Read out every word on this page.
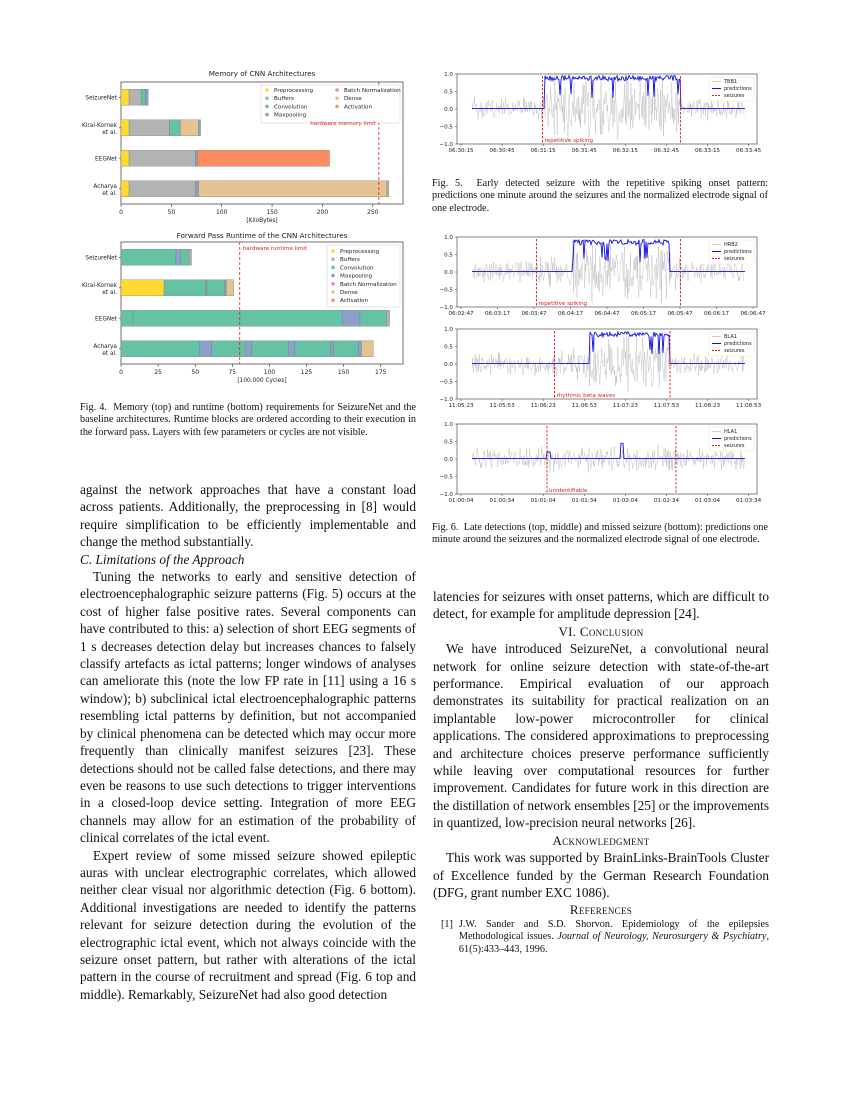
Memory of CNN Architectures
0	50	100	150	200	250
[KiloBytes]
SeizureNet
Kiral-Kornek
et al.
EEGNet
Acharya
et al.
Preprocessing
Buffers
Convolution
Maxpooling
Batch Normalization
Dense
Activation
hardware memory limit
Forward Pass Runtime of the CNN Architectures
0	25	50	75	100	125	150	175
[100.000 Cycles]
SeizureNet
Kiral-Kornek
et al.
EEGNet
Acharya
et al.
Preprocessing
Buffers
Convolution
Maxpooling
Batch Normalization
Dense
Activation
hardware runtime limit
Fig. 4. Memory (top) and runtime (bottom) requirements for SeizureNet and the baseline architectures. Runtime blocks are ordered according to their execution in the forward pass. Layers with few parameters or cycles are not visible.
1.0
0.5
0.0
−0.5
−1.0
06:30:15	06:30:45	06:31:15	06:31:45	06:32:15	06:32:45	06:33:15	06:33:45
repetitive spiking
TBB1
predictions
seizures
Fig. 5. Early detected seizure with the repetitive spiking onset pattern: predictions one minute around the seizures and the normalized electrode signal of one electrode.
1.0
0.5
0.0
−0.5
−1.0
06:02:47 06:03:17 06:03:47 06:04:17 06:04:47 06:05:17 06:05:47 06:06:17 06:06:47
repetitive spiking
HRB2
predictions
seizures
1.0
0.5
0.0
−0.5
−1.0
11:05:23	11:05:53	11:06:23	11:06:53	11:07:23	11:07:53	11:08:23	11:08:53
rhythmic beta waves
BLA1
predictions
seizures
1.0
0.5
0.0
−0.5
−1.0
01:00:04	01:00:34	01:01:04	01:01:34	01:02:04	01:02:34	01:03:04	01:03:34
unidentifiable
HLA1
predictions
seizures
Fig. 6. Late detections (top, middle) and missed seizure (bottom): predictions one minute around the seizures and the normalized electrode signal of one electrode.

against the network approaches that have a constant load across patients. Additionally, the preprocessing in [8] would require simplification to be efficiently implementable and change the method substantially.

C. Limitations of the Approach

Tuning the networks to early and sensitive detection of electroencephalographic seizure patterns (Fig. 5) occurs at the cost of higher false positive rates. Several components can have contributed to this: a) selection of short EEG segments of 1 s decreases detection delay but increases chances to falsely classify artefacts as ictal patterns; longer windows of analyses can ameliorate this (note the low FP rate in [11] using a 16 s window); b) subclinical ictal electroencephalographic patterns resembling ictal patterns by definition, but not accompanied by clinical phenomena can be detected which may occur more frequently than clinically manifest seizures [23]. These detections should not be called false detections, and there may even be reasons to use such detections to trigger interventions in a closed-loop device setting. Integration of more EEG channels may allow for an estimation of the probability of clinical correlates of the ictal event.

Expert review of some missed seizure showed epileptic auras with unclear electrographic correlates, which allowed neither clear visual nor algorithmic detection (Fig. 6 bottom). Additional investigations are needed to identify the patterns relevant for seizure detection during the evolution of the electrographic ictal event, which not always coincide with the seizure onset pattern, but rather with alterations of the ictal pattern in the course of recruitment and spread (Fig. 6 top and middle). Remarkably, SeizureNet had also good detection

latencies for seizures with onset patterns, which are difficult to detect, for example for amplitude depression [24].

VI. Conclusion

We have introduced SeizureNet, a convolutional neural network for online seizure detection with state-of-the-art performance. Empirical evaluation of our approach demonstrates its suitability for practical realization on an implantable low-power microcontroller for clinical applications. The considered approximations to preprocessing and architecture choices preserve performance sufficiently while leaving over computational resources for further improvement. Candidates for future work in this direction are the distillation of network ensembles [25] or the improvements in quantized, low-precision neural networks [26].

Acknowledgment

This work was supported by BrainLinks-BrainTools Cluster of Excellence funded by the German Research Foundation (DFG, grant number EXC 1086).

References

[1] J.W. Sander and S.D. Shorvon. Epidemiology of the epilepsies Methodological issues. Journal of Neurology, Neurosurgery & Psychiatry, 61(5):433–443, 1996.
